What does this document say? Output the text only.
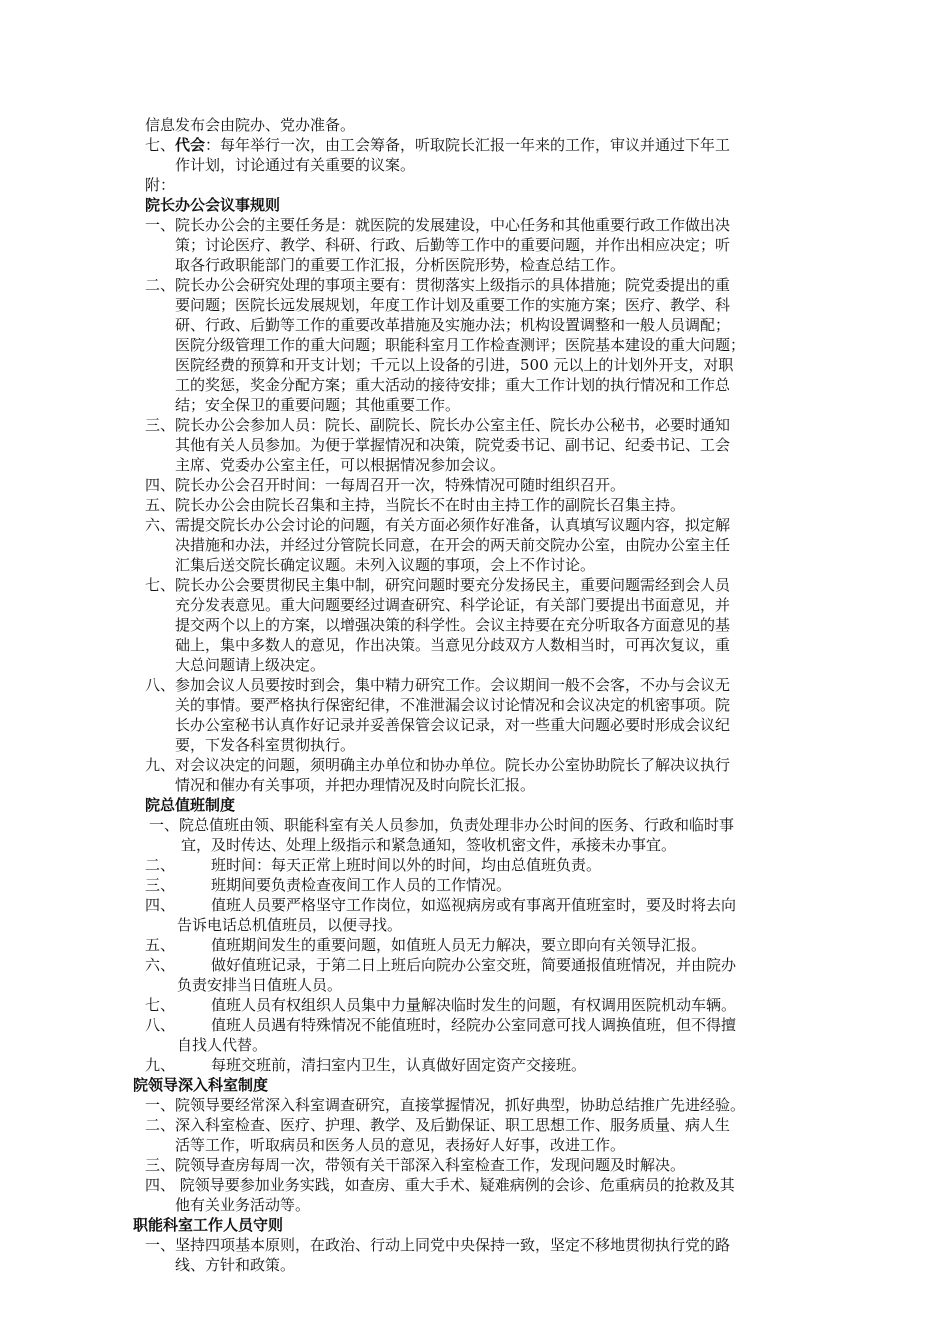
信息发布会由院办、党办准备。
七、代会：每年举行一次，由工会筹备，听取院长汇报一年来的工作，审议并通过下年工
作计划，讨论通过有关重要的议案。
附：
院长办公会议事规则
一、院长办公会的主要任务是：就医院的发展建设，中心任务和其他重要行政工作做出决
策；讨论医疗、教学、科研、行政、后勤等工作中的重要问题，并作出相应决定；听
取各行政职能部门的重要工作汇报，分析医院形势，检查总结工作。
二、院长办公会研究处理的事项主要有：贯彻落实上级指示的具体措施；院党委提出的重
要问题；医院长远发展规划，年度工作计划及重要工作的实施方案；医疗、教学、科
研、行政、后勤等工作的重要改革措施及实施办法；机构设置调整和一般人员调配；
医院分级管理工作的重大问题；职能科室月工作检查测评；医院基本建设的重大问题；
医院经费的预算和开支计划；千元以上设备的引进，500 元以上的计划外开支，对职
工的奖惩，奖金分配方案；重大活动的接待安排；重大工作计划的执行情况和工作总
结；安全保卫的重要问题；其他重要工作。
三、院长办公会参加人员：院长、副院长、院长办公室主任、院长办公秘书，必要时通知
其他有关人员参加。为便于掌握情况和决策，院党委书记、副书记、纪委书记、工会
主席、党委办公室主任，可以根据情况参加会议。
四、院长办公会召开时间：一每周召开一次，特殊情况可随时组织召开。
五、院长办公会由院长召集和主持，当院长不在时由主持工作的副院长召集主持。
六、需提交院长办公会讨论的问题，有关方面必须作好准备，认真填写议题内容，拟定解
决措施和办法，并经过分管院长同意，在开会的两天前交院办公室，由院办公室主任
汇集后送交院长确定议题。未列入议题的事项，会上不作讨论。
七、院长办公会要贯彻民主集中制，研究问题时要充分发扬民主，重要问题需经到会人员
充分发表意见。重大问题要经过调查研究、科学论证，有关部门要提出书面意见，并
提交两个以上的方案，以增强决策的科学性。会议主持要在充分听取各方面意见的基
础上，集中多数人的意见，作出决策。当意见分歧双方人数相当时，可再次复议，重
大总问题请上级决定。
八、参加会议人员要按时到会，集中精力研究工作。会议期间一般不会客，不办与会议无
关的事情。要严格执行保密纪律，不准泄漏会议讨论情况和会议决定的机密事项。院
长办公室秘书认真作好记录并妥善保管会议记录，对一些重大问题必要时形成会议纪
要，下发各科室贯彻执行。
九、对会议决定的问题，须明确主办单位和协办单位。院长办公室协助院长了解决议执行
情况和催办有关事项，并把办理情况及时向院长汇报。
院总值班制度
一、院总值班由领、职能科室有关人员参加，负责处理非办公时间的医务、行政和临时事
宜，及时传达、处理上级指示和紧急通知，签收机密文件，承接未办事宜。
二、 班时间：每天正常上班时间以外的时间，均由总值班负责。
三、 班期间要负责检查夜间工作人员的工作情况。
四、 值班人员要严格坚守工作岗位，如巡视病房或有事离开值班室时，要及时将去向
告诉电话总机值班员，以便寻找。
五、 值班期间发生的重要问题，如值班人员无力解决，要立即向有关领导汇报。
六、 做好值班记录，于第二日上班后向院办公室交班，简要通报值班情况，并由院办
负责安排当日值班人员。
七、 值班人员有权组织人员集中力量解决临时发生的问题，有权调用医院机动车辆。
八、 值班人员遇有特殊情况不能值班时，经院办公室同意可找人调换值班，但不得擅
自找人代替。
九、 每班交班前，清扫室内卫生，认真做好固定资产交接班。
院领导深入科室制度
一、院领导要经常深入科室调查研究，直接掌握情况，抓好典型，协助总结推广先进经验。
二、深入科室检查、医疗、护理、教学、及后勤保证、职工思想工作、服务质量、病人生
活等工作，听取病员和医务人员的意见，表扬好人好事，改进工作。
三、院领导查房每周一次，带领有关干部深入科室检查工作，发现问题及时解决。
四、 院领导要参加业务实践，如查房、重大手术、疑难病例的会诊、危重病员的抢救及其
他有关业务活动等。
职能科室工作人员守则
一、坚持四项基本原则，在政治、行动上同党中央保持一致，坚定不移地贯彻执行党的路
线、方针和政策。
